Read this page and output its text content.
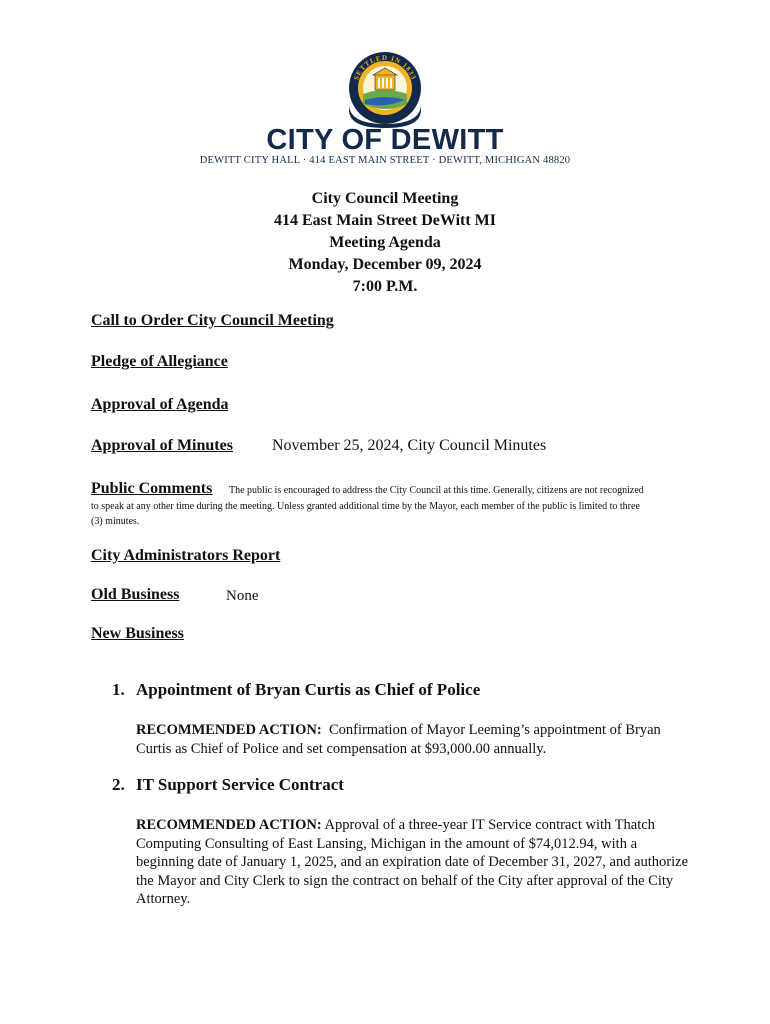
SETTLED IN 1833
CITY OF DEWITT
DEWITT CITY HALL · 414 EAST MAIN STREET · DEWITT, MICHIGAN 48820
City Council Meeting
414 East Main Street DeWitt MI
Meeting Agenda
Monday, December 09, 2024
7:00 P.M.
Call to Order City Council Meeting
Pledge of Allegiance
Approval of Agenda
Approval of Minutes November 25, 2024, City Council Minutes
Public Comments	The public is encouraged to address the City Council at this time. Generally, citizens are not recognized to speak at any other time during the meeting. Unless granted additional time by the Mayor, each member of the public is limited to three (3) minutes.
City Administrators Report
Old Business	None
New Business
1. Appointment of Bryan Curtis as Chief of Police
RECOMMENDED ACTION: Confirmation of Mayor Leeming’s appointment of Bryan Curtis as Chief of Police and set compensation at $93,000.00 annually.
2. IT Support Service Contract
RECOMMENDED ACTION: Approval of a three-year IT Service contract with Thatch Computing Consulting of East Lansing, Michigan in the amount of $74,012.94, with a beginning date of January 1, 2025, and an expiration date of December 31, 2027, and authorize the Mayor and City Clerk to sign the contract on behalf of the City after approval of the City Attorney.
